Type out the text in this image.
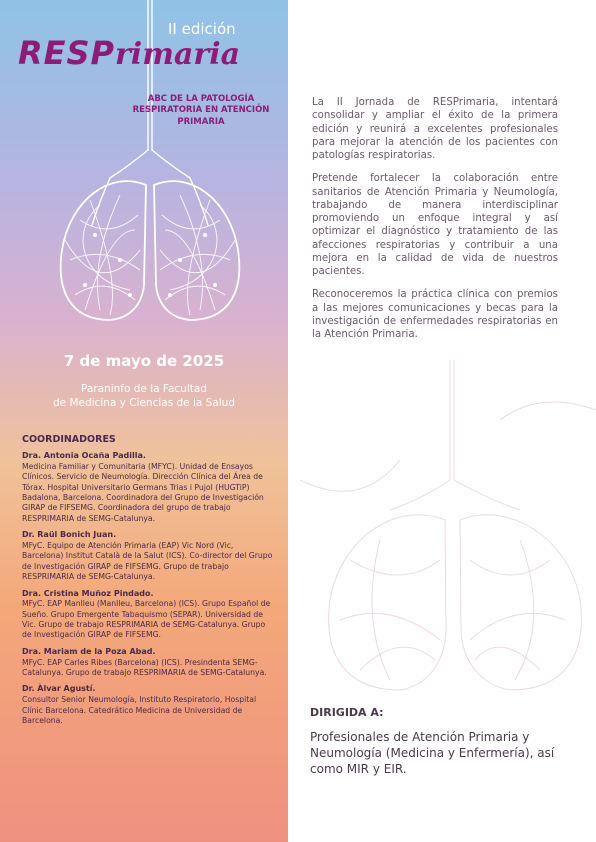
II edición
RESPrimaria
ABC DE LA PATOLOGÍA RESPIRATORIA EN ATENCIÓN PRIMARIA
7 de mayo de 2025
Paraninfo de la Facultad
de Medicina y Ciencias de la Salud
COORDINADORES
Dra. Antonia Ocaña Padilla.
Medicina Familiar y Comunitaria (MFYC). Unidad de Ensayos Clínicos. Servicio de Neumología. Dirección Clínica del Área de Tórax. Hospital Universitario Germans Trias i Pujol (HUGTiP) Badalona, Barcelona. Coordinadora del Grupo de Investigación GIRAP de FIFSEMG. Coordinadora del grupo de trabajo RESPRIMARIA de SEMG-Catalunya.
Dr. Raül Bonich Juan.
MFyC. Equipo de Atención Primaria (EAP) Vic Nord (Vic, Barcelona) Institut Català de la Salut (ICS). Co-director del Grupo de Investigación GIRAP de FIFSEMG. Grupo de trabajo RESPRIMARIA de SEMG-Catalunya.
Dra. Cristina Muñoz Pindado.
MFyC. EAP Manlleu (Manlleu, Barcelona) (ICS). Grupo Español de Sueño. Grupo Emergente Tabaquismo (SEPAR). Universidad de Vic. Grupo de trabajo RESPRIMARIA de SEMG-Catalunya. Grupo de Investigación GIRAP de FIFSEMG.
Dra. Mariam de la Poza Abad.
MFyC. EAP Carles Ribes (Barcelona) (ICS). Presindenta SEMG-Catalunya. Grupo de trabajo RESPRIMARIA de SEMG-Catalunya.
Dr. Àlvar Agustí.
Consultor Senior Neumología, Instituto Respiratorio, Hospital Clínic Barcelona. Catedrático Medicina de Universidad de Barcelona.

La II Jornada de RESPrimaria, intentará consolidar y ampliar el éxito de la primera edición y reunirá a excelentes profesionales para mejorar la atención de los pacientes con patologías respiratorias.

Pretende fortalecer la colaboración entre sanitarios de Atención Primaria y Neumología, trabajando de manera interdisciplinar promoviendo un enfoque integral y así optimizar el diagnóstico y tratamiento de las afecciones respiratorias y contribuir a una mejora en la calidad de vida de nuestros pacientes.

Reconoceremos la práctica clínica con premios a las mejores comunicaciones y becas para la investigación de enfermedades respiratorias en la Atención Primaria.

DIRIGIDA A:

Profesionales de Atención Primaria y Neumología (Medicina y Enfermería), así como MIR y EIR.
